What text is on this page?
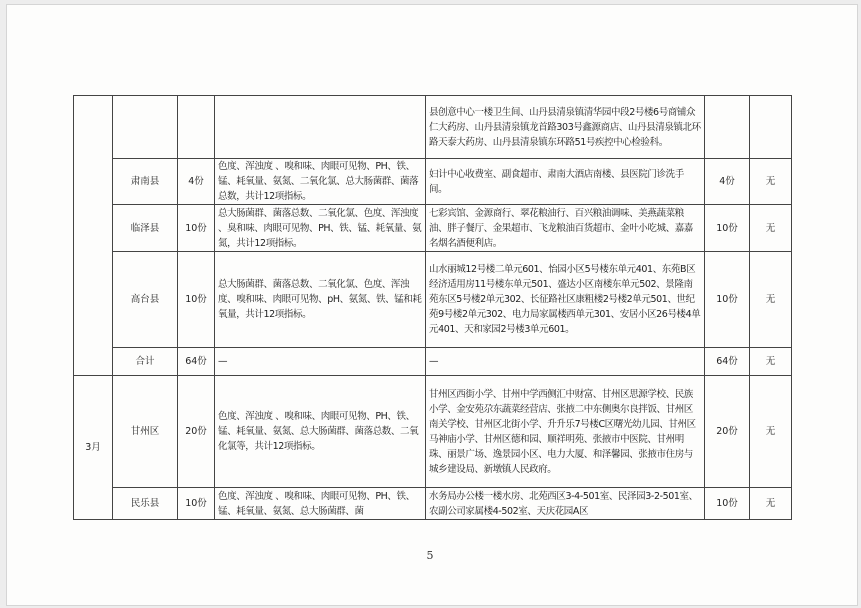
				县创意中心一楼卫生间、山丹县清泉镇清华园中段2号楼6号商铺众仁大药房、山丹县清泉镇龙首路303号鑫源商店、山丹县清泉镇北环路天泰大药房、山丹县清泉镇东环路51号疾控中心检验科。		
	肃南县	4份	色度、浑浊度 、嗅和味、肉眼可见物、PH、铁、锰、耗氧量、氨氮、二氧化氯、总大肠菌群、菌落总数，共计12项指标。	妇计中心收费室、副食超市、肃南大酒店南楼、县医院门诊洗手间。	4份	无
	临泽县	10份	总大肠菌群、菌落总数、二氧化氯、色度、浑浊度 、臭和味、肉眼可见物、PH、铁、锰、耗氧量、氨氮，共计12项指标。	七彩宾馆、金源商行、翠花粮油行、百兴粮油调味、美燕蔬菜粮油、胖子餐厅、金果超市、飞龙粮油百货超市、金叶小吃城、嘉嘉名烟名酒便利店。	10份	无
	高台县	10份	总大肠菌群、菌落总数、二氧化氯、色度、浑浊度、嗅和味、肉眼可见物、pH、氨氮、铁、锰和耗氧量，共计12项指标。	山水丽城12号楼二单元601、怡园小区5号楼东单元401、东苑B区经济适用房11号楼东单元501、盛达小区南楼东单元502、景隆南苑东区5号楼2单元302、长征路社区康粗楼2号楼2单元501、世纪苑9号楼2单元302、电力局家属楼西单元301、安居小区26号楼4单元401、天和家园2号楼3单元601。	10份	无
	合计	64份	—	—	64份	无
3月	甘州区	20份	色度、浑浊度 、嗅和味、肉眼可见物、PH、铁、锰、耗氧量、氨氮、总大肠菌群、菌落总数、二氧化氯等，共计12项指标。	甘州区西街小学、甘州中学西侧汇中财富、甘州区思源学校、民族小学、金安苑尕东蔬菜经营店、张掖二中东侧奥尔良拌饭、甘州区南关学校、甘州区北街小学、升升乐7号楼C区曙光幼儿园、甘州区马神庙小学、甘州区德和园、顺祥明苑、张掖市中医院、甘州明珠、丽景广场、逸景园小区、电力大厦、和泽馨园、张掖市住房与城乡建设局、新墩镇人民政府。	20份	无
	民乐县	10份	色度、浑浊度 、嗅和味、肉眼可见物、PH、铁、锰、耗氧量、氨氮、总大肠菌群、菌	水务局办公楼一楼水房、北苑西区3-4-501室、民泽园3-2-501室、农副公司家属楼4-502室、天庆花园A区	10份	无
5
